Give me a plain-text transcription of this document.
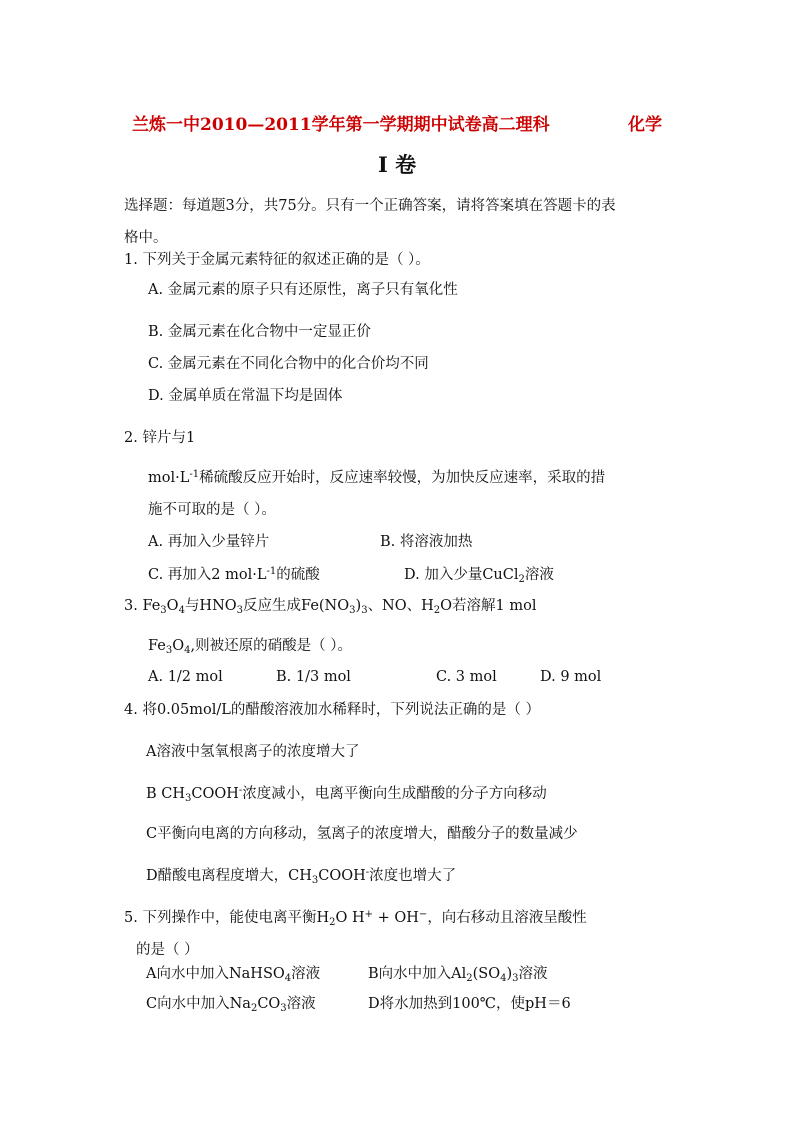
兰炼一中2010—2011学年第一学期期中试卷高二理科	化学
I 卷
选择题：每道题3分，共75分。只有一个正确答案，请将答案填在答题卡的表
格中。
1. 下列关于金属元素特征的叙述正确的是（ ）。
A. 金属元素的原子只有还原性，离子只有氧化性
B. 金属元素在化合物中一定显正价
C. 金属元素在不同化合物中的化合价均不同
D. 金属单质在常温下均是固体
2. 锌片与1
$mol\cdot L^{-1}$稀硫酸反应开始时，反应速率较慢，为加快反应速率，采取的措
施不可取的是（ ）。
A. 再加入少量锌片	B. 将溶液加热
C. 再加入2 $mol\cdot L^{-1}$的硫酸	D. 加入少量CuCl$_2$溶液
3. $Fe_3O_4$与$HNO_3$反应生成$Fe(NO_3)_3$、NO、$H_2O$若溶解1 mol
$Fe_3O_4$,则被还原的硝酸是（ ）。
A. 1/2 mol	B. 1/3 mol	C. 3 mol	D. 9 mol
4. 将0.05mol/L的醋酸溶液加水稀释时，下列说法正确的是（ ）
A溶液中氢氧根离子的浓度增大了
B $CH_3COOH^-$浓度减小，电离平衡向生成醋酸的分子方向移动
C平衡向电离的方向移动，氢离子的浓度增大，醋酸分子的数量减少
D醋酸电离程度增大，$CH_3COOH^-$浓度也增大了
5. 下列操作中，能使电离平衡$H_2O$ H+ + OH−，向右移动且溶液呈酸性
的是（ ）
A向水中加入NaHSO$_4$溶液	B向水中加入$Al_2(SO_4)_3$溶液
C向水中加入$Na_2CO_3$溶液	D将水加热到100℃，使pH＝6
